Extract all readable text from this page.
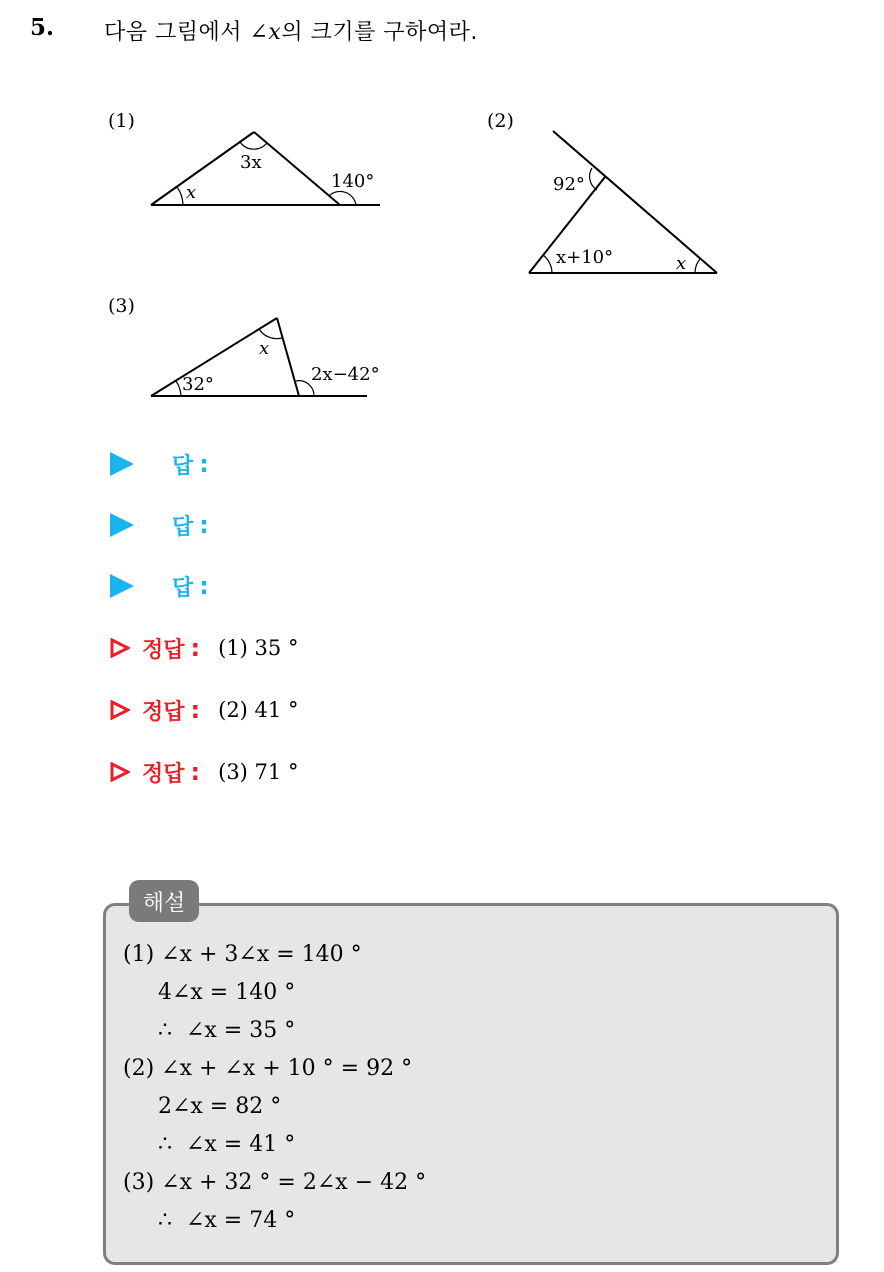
5. 다음 그림에서 ∠x의 크기를 구하여라.
(1)	(2)
(3)
3x
x
140°	92°
x+10°	x
x
32°	2x−42°
답 :
답 :
답 :
정답 : (1) 35 °
정답 : (2) 41 °
정답 : (3) 71 °
해설
(1) ∠x + 3∠x = 140 °
4∠x = 140 °
∴  ∠x = 35 °
(2) ∠x + ∠x + 10 ° = 92 °
2∠x = 82 °
∴  ∠x = 41 °
(3) ∠x + 32 ° = 2∠x − 42 °
∴  ∠x = 74 °
